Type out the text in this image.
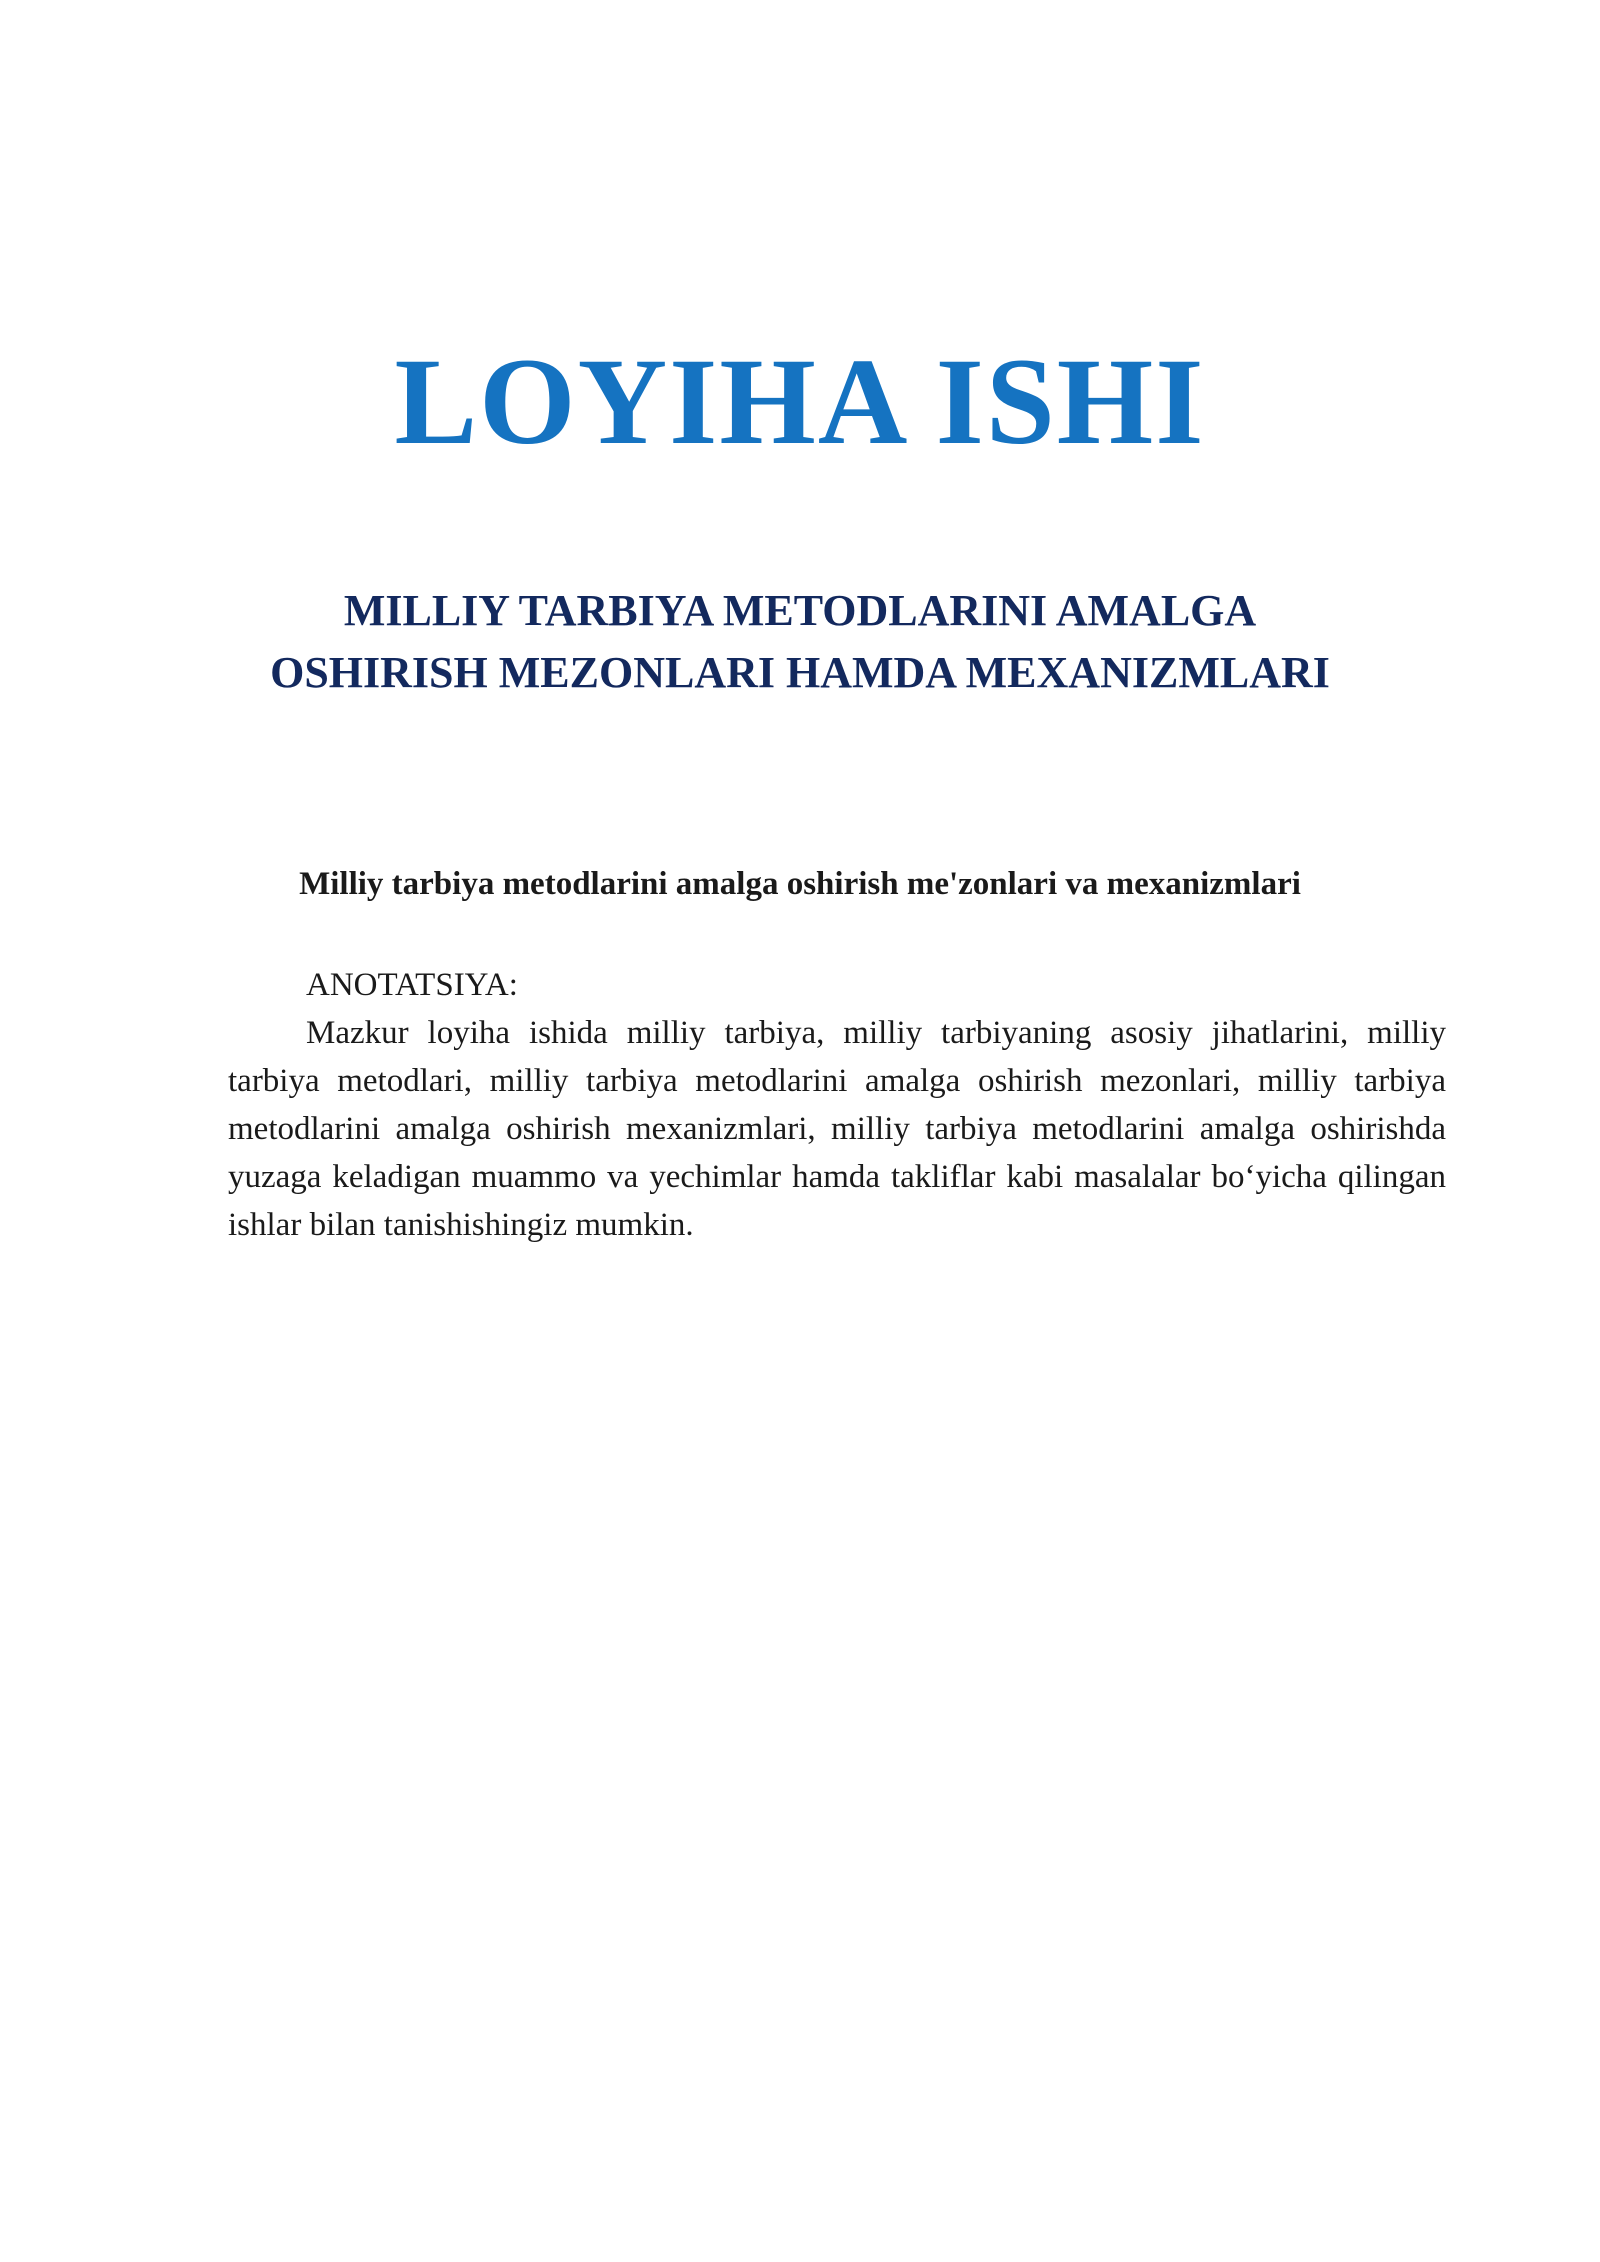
LOYIHA ISHI
MILLIY TARBIYA METODLARINI AMALGA
OSHIRISH MEZONLARI HAMDA MEXANIZMLARI
Milliy tarbiya metodlarini amalga oshirish me'zonlari va mexanizmlari

ANOTATSIYA:

Mazkur loyiha ishida milliy tarbiya, milliy tarbiyaning asosiy jihatlarini, milliy tarbiya metodlari, milliy tarbiya metodlarini amalga oshirish mezonlari, milliy tarbiya metodlarini amalga oshirish mexanizmlari, milliy tarbiya metodlarini amalga oshirishda yuzaga keladigan muammo va yechimlar hamda takliflar kabi masalalar bo‘yicha qilingan ishlar bilan tanishishingiz mumkin.
